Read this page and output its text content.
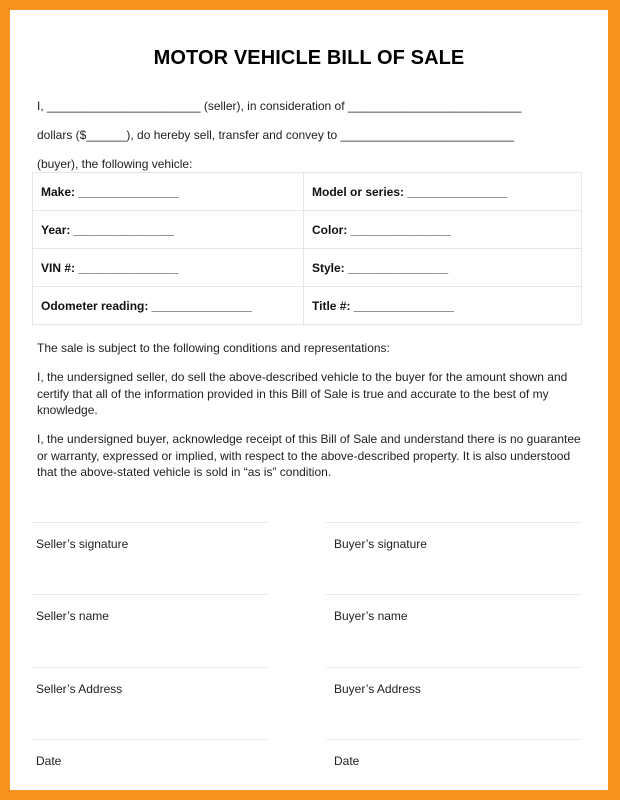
MOTOR VEHICLE BILL OF SALE
I, _______________________ (seller), in consideration of __________________________
dollars ($______), do hereby sell, transfer and convey to __________________________
(buyer), the following vehicle:
Make: _______________	Model or series: _______________
Year: _______________	Color: _______________
VIN #: _______________	Style: _______________
Odometer reading: _______________	Title #: _______________
The sale is subject to the following conditions and representations:
I, the undersigned seller, do sell the above-described vehicle to the buyer for the amount shown and certify that all of the information provided in this Bill of Sale is true and accurate to the best of my knowledge.
I, the undersigned buyer, acknowledge receipt of this Bill of Sale and understand there is no guarantee or warranty, expressed or implied, with respect to the above-described property. It is also understood that the above-stated vehicle is sold in “as is” condition.
Seller’s signature
Seller’s name
Seller’s Address
Date
Buyer’s signature
Buyer’s name
Buyer’s Address
Date
